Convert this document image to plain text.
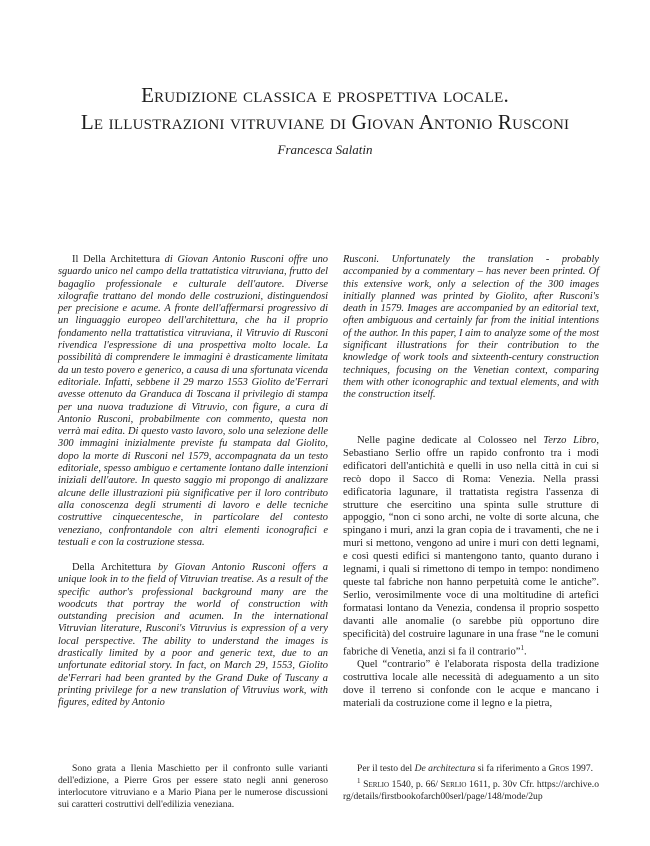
Erudizione classica e prospettiva locale.
Le illustrazioni vitruviane di Giovan Antonio Rusconi
Francesca Salatin

Il Della Architettura di Giovan Antonio Rusconi offre uno sguardo unico nel campo della trattatistica vitruviana, frutto del bagaglio professionale e culturale dell'autore. Diverse xilografie trattano del mondo delle costruzioni, distinguendosi per precisione e acume. A fronte dell'affermarsi progressivo di un linguaggio europeo dell'architettura, che ha il proprio fondamento nella trattatistica vitruviana, il Vitruvio di Rusconi rivendica l'espressione di una prospettiva molto locale. La possibilità di comprendere le immagini è drasticamente limitata da un testo povero e generico, a causa di una sfortunata vicenda editoriale. Infatti, sebbene il 29 marzo 1553 Giolito de'Ferrari avesse ottenuto da Granduca di Toscana il privilegio di stampa per una nuova traduzione di Vitruvio, con figure, a cura di Antonio Rusconi, probabilmente con commento, questa non verrà mai edita. Di questo vasto lavoro, solo una selezione delle 300 immagini inizialmente previste fu stampata dal Giolito, dopo la morte di Rusconi nel 1579, accompagnata da un testo editoriale, spesso ambiguo e certamente lontano dalle intenzioni iniziali dell'autore. In questo saggio mi propongo di analizzare alcune delle illustrazioni più significative per il loro contributo alla conoscenza degli strumenti di lavoro e delle tecniche costruttive cinquecentesche, in particolare del contesto veneziano, confrontandole con altri elementi iconografici e testuali e con la costruzione stessa.

Della Architettura by Giovan Antonio Rusconi offers a unique look in to the field of Vitruvian treatise. As a result of the specific author's professional background many are the woodcuts that portray the world of construction with outstanding precision and acumen. In the international Vitruvian literature, Rusconi's Vitruvius is expression of a very local perspective. The ability to understand the images is drastically limited by a poor and generic text, due to an unfortunate editorial story. In fact, on March 29, 1553, Giolito de'Ferrari had been granted by the Grand Duke of Tuscany a printing privilege for a new translation of Vitruvius work, with figures, edited by Antonio

Rusconi. Unfortunately the translation - probably accompanied by a commentary – has never been printed. Of this extensive work, only a selection of the 300 images initially planned was printed by Giolito, after Rusconi's death in 1579. Images are accompanied by an editorial text, often ambiguous and certainly far from the initial intentions of the author. In this paper, I aim to analyze some of the most significant illustrations for their contribution to the knowledge of work tools and sixteenth-century construction techniques, focusing on the Venetian context, comparing them with other iconographic and textual elements, and with the construction itself.

Nelle pagine dedicate al Colosseo nel Terzo Libro, Sebastiano Serlio offre un rapido confronto tra i modi edificatori dell'antichità e quelli in uso nella città in cui si recò dopo il Sacco di Roma: Venezia. Nella prassi edificatoria lagunare, il trattatista registra l'assenza di strutture che esercitino una spinta sulle strutture di appoggio, “non ci sono archi, ne volte di sorte alcuna, che spingano i muri, anzi la gran copia de i travamenti, che ne i muri si mettono, vengono ad unire i muri con detti legnami, e così questi edifici si mantengono tanto, quanto durano i legnami, i quali si rimettono di tempo in tempo: nondimeno queste tal fabriche non hanno perpetuità come le antiche”. Serlio, verosimilmente voce di una moltitudine di artefici formatasi lontano da Venezia, condensa il proprio sospetto davanti alle anomalie (o sarebbe più opportuno dire specificità) del costruire lagunare in una frase “ne le comuni fabriche di Venetia, anzi si fa il contrario”$^1$.
Quel “contrario” è l'elaborata risposta della tradizione costruttiva locale alle necessità di adeguamento a un sito dove il terreno si confonde con le acque e mancano i materiali da costruzione come il legno e la pietra,

Sono grata a Ilenia Maschietto per il confronto sulle varianti dell'edizione, a Pierre Gros per essere stato negli anni generoso interlocutore vitruviano e a Mario Piana per le numerose discussioni sui caratteri costruttivi dell'edilizia veneziana.

Per il testo del De architectura si fa riferimento a Gros 1997.
$^1$ Serlio 1540, p. 66/ Serlio 1611, p. 30v Cfr. https://archive.org/details/firstbookofarch00serl/page/148/mode/2up
